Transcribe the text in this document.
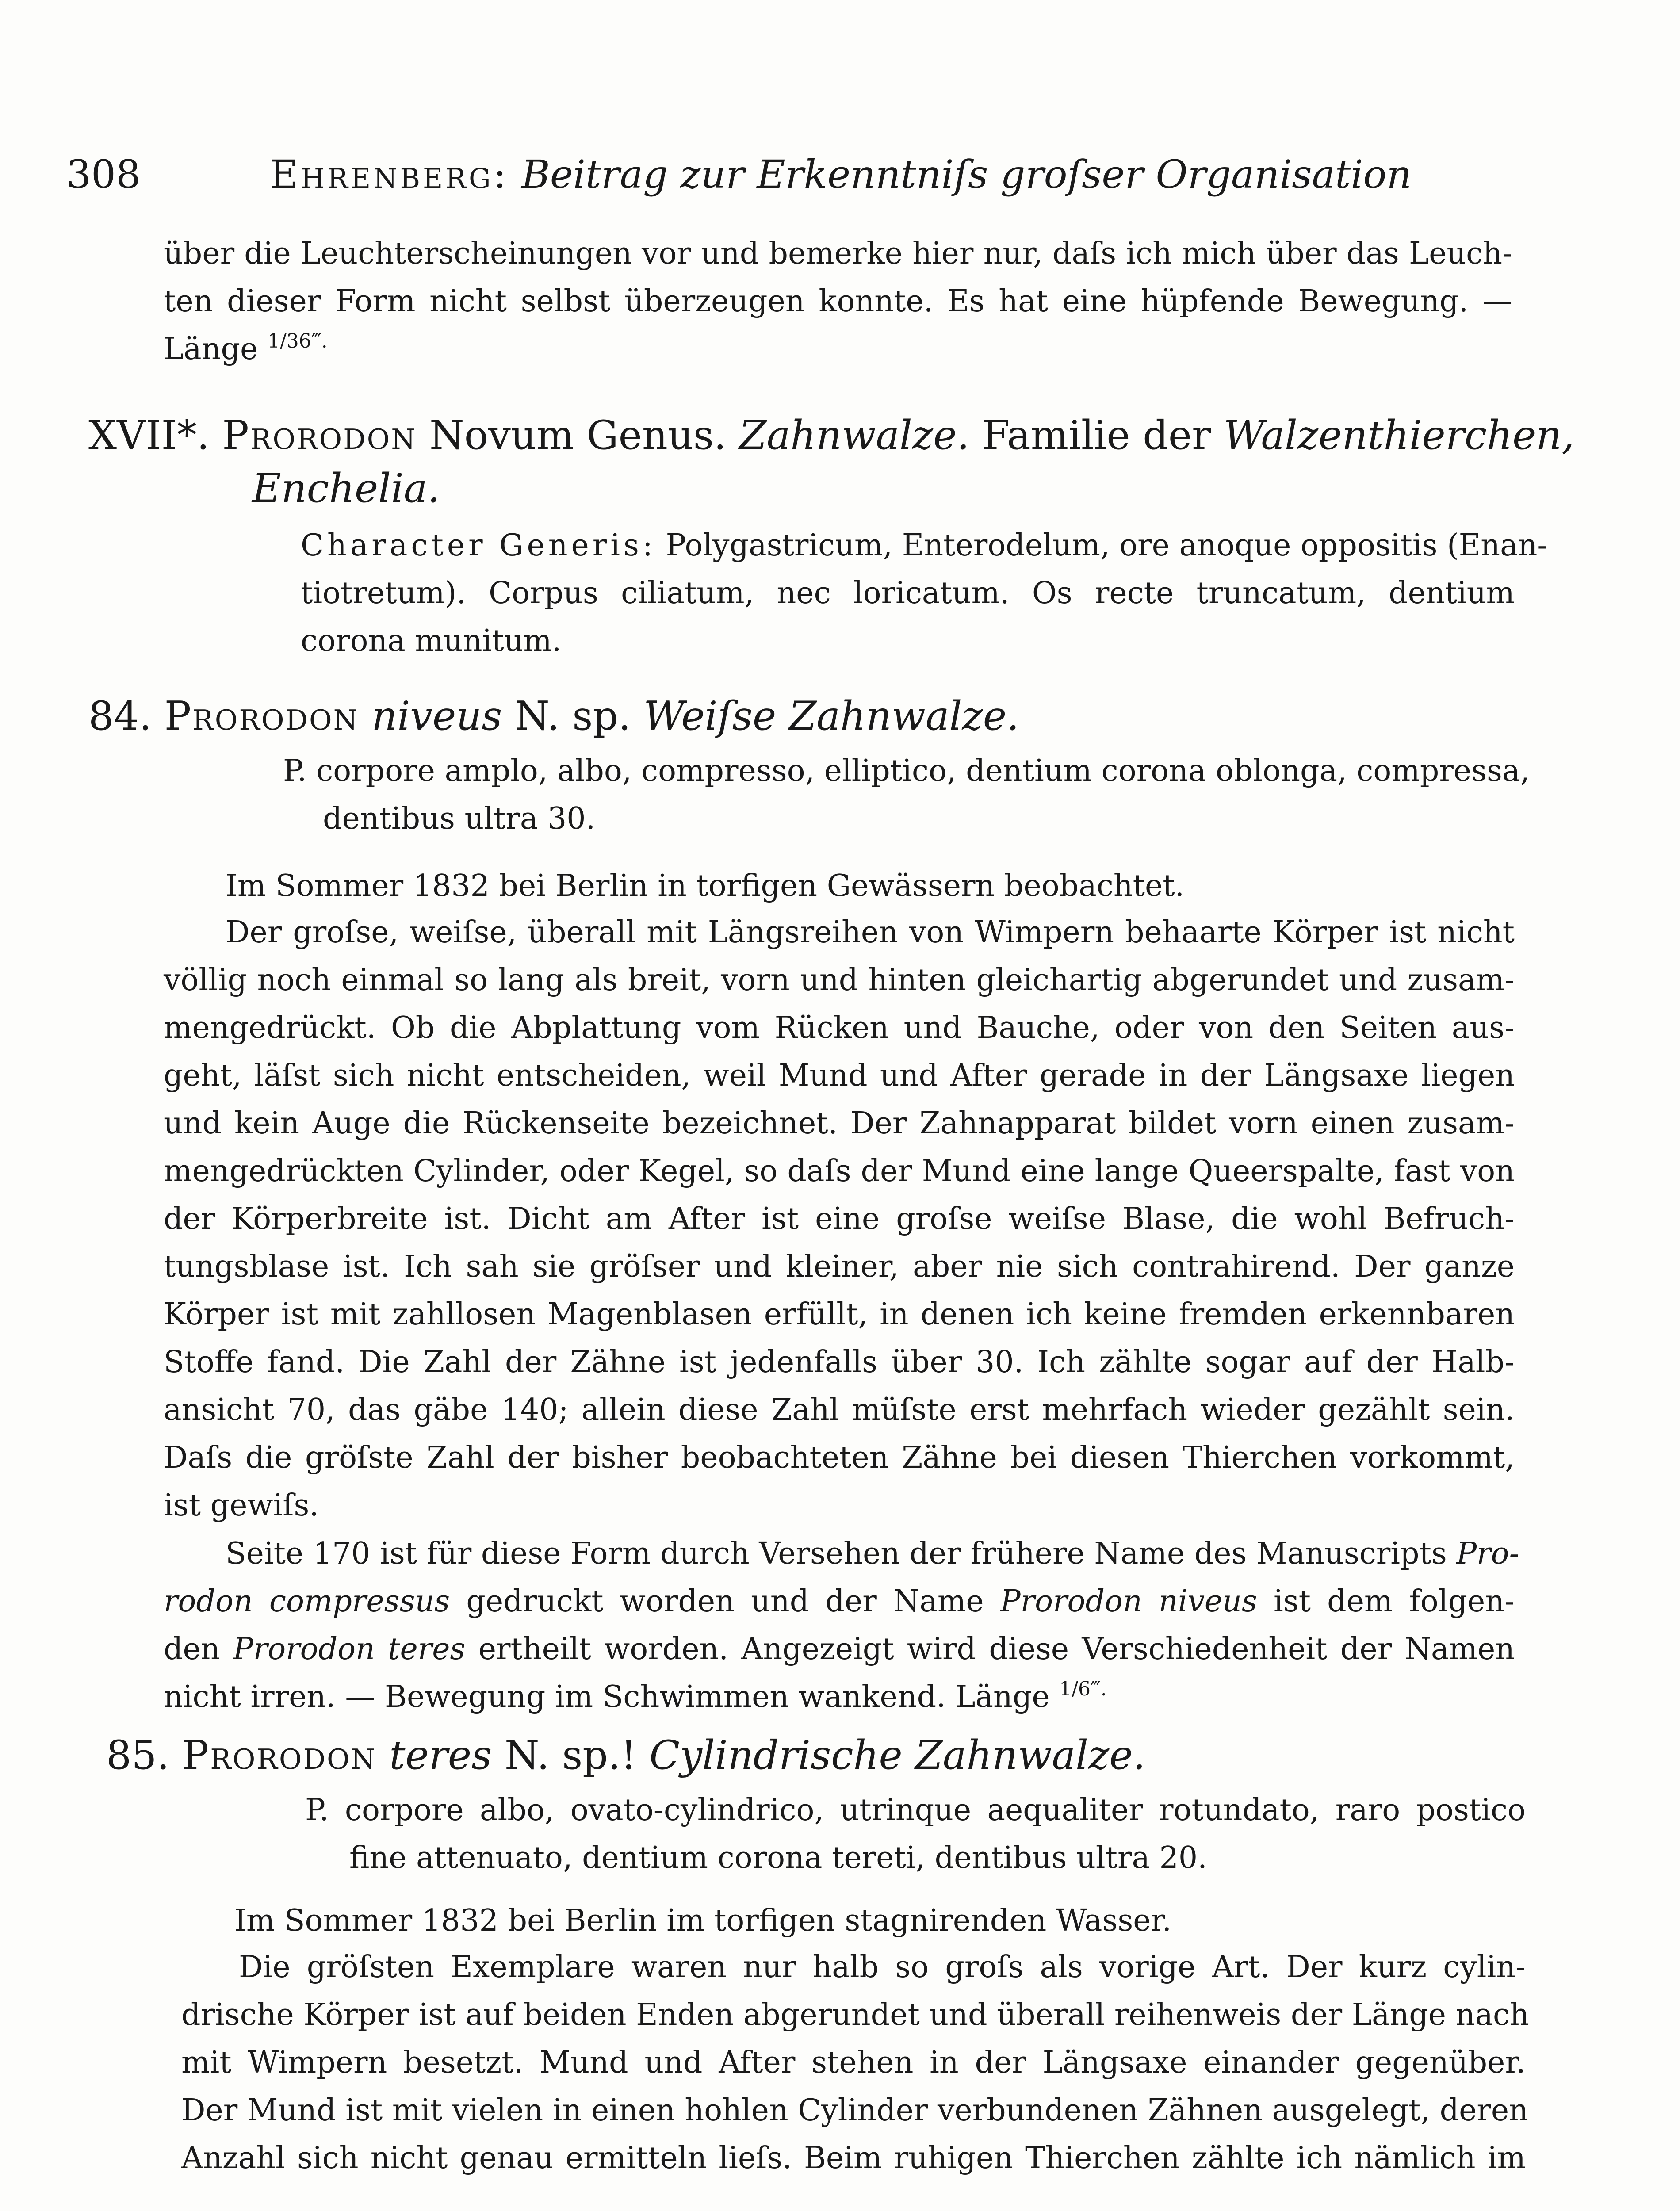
308	Ehrenberg: Beitrag zur Erkenntniſs groſser Organisation
über die Leuchterscheinungen vor und bemerke hier nur, daſs ich mich über das Leuch-
ten dieser Form nicht selbst überzeugen konnte. Es hat eine hüpfende Bewegung. —
Länge 1/36‴.
XVII*. Prorodon Novum Genus. Zahnwalze. Familie der Walzenthierchen,
Enchelia.
Character Generis: Polygastricum, Enterodelum, ore anoque oppositis (Enan-
tiotretum). Corpus ciliatum, nec loricatum. Os recte truncatum, dentium
corona munitum.
84. Prorodon niveus N. sp. Weiſse Zahnwalze.
P. corpore amplo, albo, compresso, elliptico, dentium corona oblonga, compressa,
dentibus ultra 30.
Im Sommer 1832 bei Berlin in torfigen Gewässern beobachtet.
Der groſse, weiſse, überall mit Längsreihen von Wimpern behaarte Körper ist nicht
völlig noch einmal so lang als breit, vorn und hinten gleichartig abgerundet und zusam-
mengedrückt. Ob die Abplattung vom Rücken und Bauche, oder von den Seiten aus-
geht, läſst sich nicht entscheiden, weil Mund und After gerade in der Längsaxe liegen
und kein Auge die Rückenseite bezeichnet. Der Zahnapparat bildet vorn einen zusam-
mengedrückten Cylinder, oder Kegel, so daſs der Mund eine lange Queerspalte, fast von
der Körperbreite ist. Dicht am After ist eine groſse weiſse Blase, die wohl Befruch-
tungsblase ist. Ich sah sie gröſser und kleiner, aber nie sich contrahirend. Der ganze
Körper ist mit zahllosen Magenblasen erfüllt, in denen ich keine fremden erkennbaren
Stoffe fand. Die Zahl der Zähne ist jedenfalls über 30. Ich zählte sogar auf der Halb-
ansicht 70, das gäbe 140; allein diese Zahl müſste erst mehrfach wieder gezählt sein.
Daſs die gröſste Zahl der bisher beobachteten Zähne bei diesen Thierchen vorkommt,
ist gewiſs.
Seite 170 ist für diese Form durch Versehen der frühere Name des Manuscripts Pro-
rodon compressus gedruckt worden und der Name Prorodon niveus ist dem folgen-
den Prorodon teres ertheilt worden. Angezeigt wird diese Verschiedenheit der Namen
nicht irren. — Bewegung im Schwimmen wankend. Länge 1/6‴.
85. Prorodon teres N. sp.! Cylindrische Zahnwalze.
P. corpore albo, ovato-cylindrico, utrinque aequaliter rotundato, raro postico
fine attenuato, dentium corona tereti, dentibus ultra 20.
Im Sommer 1832 bei Berlin im torfigen stagnirenden Wasser.
Die gröſsten Exemplare waren nur halb so groſs als vorige Art. Der kurz cylin-
drische Körper ist auf beiden Enden abgerundet und überall reihenweis der Länge nach
mit Wimpern besetzt. Mund und After stehen in der Längsaxe einander gegenüber.
Der Mund ist mit vielen in einen hohlen Cylinder verbundenen Zähnen ausgelegt, deren
Anzahl sich nicht genau ermitteln lieſs. Beim ruhigen Thierchen zählte ich nämlich im
